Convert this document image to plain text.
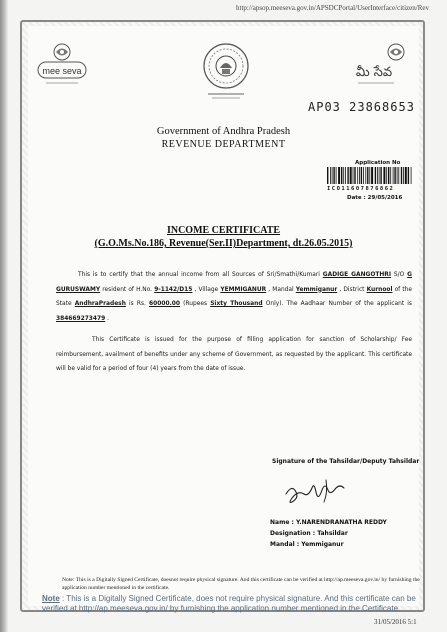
http://apsop.meeseva.gov.in/APSDCPortal/UserInterface/citizen/Rev
mee seva	మీ సేవ
AP03 23868653
Government of Andhra Pradesh
REVENUE DEPARTMENT
Application No
ICO11607876862
Date : 29/05/2016
INCOME CERTIFICATE
(G.O.Ms.No.186, Revenue(Ser.II)Department, dt.26.05.2015)
This is to certify that the annual income from all Sources of Sri/Smathi/Kumari GADIGE GANGOTHRI S/O G GURUSWAMY resident of H.No. 9-1142/D15 , Village YEMMIGANUR , Mandal Yemmiganur , District Kurnool of the State AndhraPradesh is Rs. 60000.00 (Rupees Sixty Thousand Only). The Aadhaar Number of the applicant is 384669273479 .
This Certificate is issued for the purpose of filling application for sanction of Scholarship/ Fee reimbursement, availment of benefits under any scheme of Government, as requested by the applicant. This certificate will be valid for a period of four (4) years from the date of issue.
Signature of the Tahsildar/Deputy Tahsildar
Name : Y.NARENDRANATHA REDDY
Designation : Tahsildar
Mandal : Yemmiganur
Note: This is a Digitally Signed Certificate, doesnot require physical signature. And this certificate can be verified at http://ap.meeseva.gov.in/ by furnishing the application number mentioned in the certificate.
Note : This is a Digitally Signed Certificate, does not require physical signature. And this certificate can be verified at http://ap.meeseva.gov.in/ by furnishing the application number mentioned in the Certificate.
31/05/2016 5:1
